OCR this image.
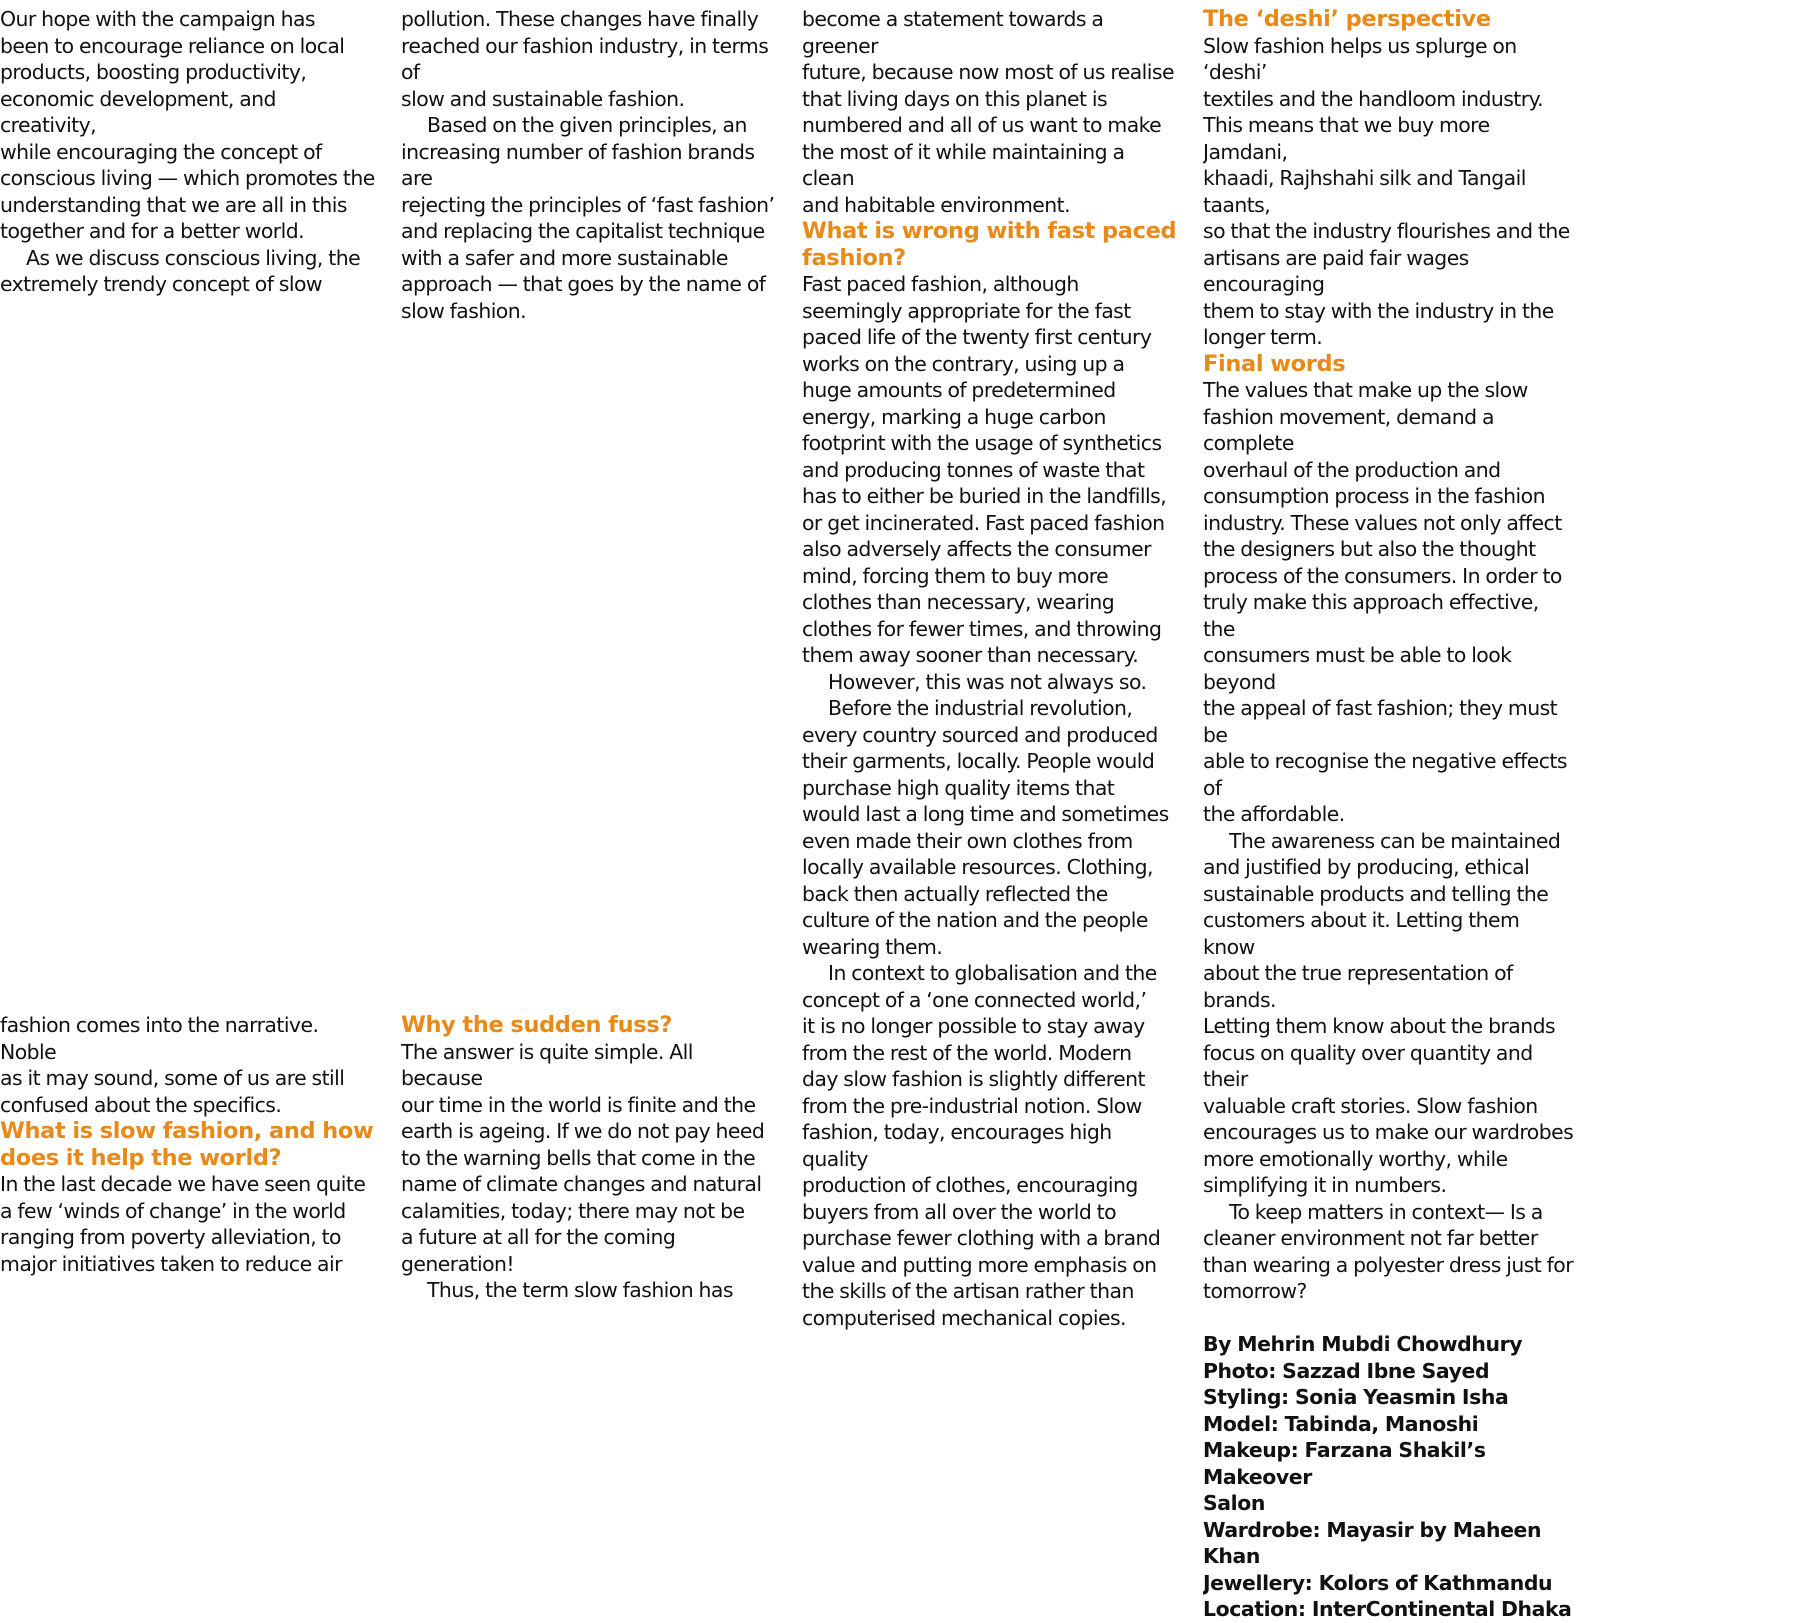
Our hope with the campaign has
been to encourage reliance on local
products, boosting productivity,
economic development, and creativity,
while encouraging the concept of
conscious living — which promotes the
understanding that we are all in this
together and for a better world.

As we discuss conscious living, the
extremely trendy concept of slow

fashion comes into the narrative. Noble
as it may sound, some of us are still
confused about the specifics.

What is slow fashion, and how
does it help the world?

In the last decade we have seen quite
a few ‘winds of change’ in the world
ranging from poverty alleviation, to
major initiatives taken to reduce air

pollution. These changes have finally
reached our fashion industry, in terms of
slow and sustainable fashion.

Based on the given principles, an
increasing number of fashion brands are
rejecting the principles of ‘fast fashion’
and replacing the capitalist technique
with a safer and more sustainable
approach — that goes by the name of
slow fashion.

Why the sudden fuss?

The answer is quite simple. All because
our time in the world is finite and the
earth is ageing. If we do not pay heed
to the warning bells that come in the
name of climate changes and natural
calamities, today; there may not be
a future at all for the coming generation!

Thus, the term slow fashion has

become a statement towards a greener
future, because now most of us realise
that living days on this planet is
numbered and all of us want to make
the most of it while maintaining a clean
and habitable environment.

What is wrong with fast paced
fashion?

Fast paced fashion, although
seemingly appropriate for the fast
paced life of the twenty first century
works on the contrary, using up a
huge amounts of predetermined
energy, marking a huge carbon
footprint with the usage of synthetics
and producing tonnes of waste that
has to either be buried in the landfills,
or get incinerated. Fast paced fashion
also adversely affects the consumer
mind, forcing them to buy more
clothes than necessary, wearing
clothes for fewer times, and throwing
them away sooner than necessary.

However, this was not always so.

Before the industrial revolution,
every country sourced and produced
their garments, locally. People would
purchase high quality items that
would last a long time and sometimes
even made their own clothes from
locally available resources. Clothing,
back then actually reflected the
culture of the nation and the people
wearing them.

In context to globalisation and the
concept of a ‘one connected world,’
it is no longer possible to stay away
from the rest of the world. Modern
day slow fashion is slightly different
from the pre-industrial notion. Slow
fashion, today, encourages high quality
production of clothes, encouraging
buyers from all over the world to
purchase fewer clothing with a brand
value and putting more emphasis on
the skills of the artisan rather than
computerised mechanical copies.

The ‘deshi’ perspective

Slow fashion helps us splurge on ‘deshi’
textiles and the handloom industry.
This means that we buy more Jamdani,
khaadi, Rajhshahi silk and Tangail taants,
so that the industry flourishes and the
artisans are paid fair wages encouraging
them to stay with the industry in the
longer term.

Final words

The values that make up the slow
fashion movement, demand a complete
overhaul of the production and
consumption process in the fashion
industry. These values not only affect
the designers but also the thought
process of the consumers. In order to
truly make this approach effective, the
consumers must be able to look beyond
the appeal of fast fashion; they must be
able to recognise the negative effects of
the affordable.

The awareness can be maintained
and justified by producing, ethical
sustainable products and telling the
customers about it. Letting them know
about the true representation of brands.
Letting them know about the brands
focus on quality over quantity and their
valuable craft stories. Slow fashion
encourages us to make our wardrobes
more emotionally worthy, while
simplifying it in numbers.

To keep matters in context— Is a
cleaner environment not far better
than wearing a polyester dress just for
tomorrow?

By Mehrin Mubdi Chowdhury
Photo: Sazzad Ibne Sayed
Styling: Sonia Yeasmin Isha
Model: Tabinda, Manoshi
Makeup: Farzana Shakil’s Makeover
Salon
Wardrobe: Mayasir by Maheen Khan
Jewellery: Kolors of Kathmandu
Location: InterContinental Dhaka
